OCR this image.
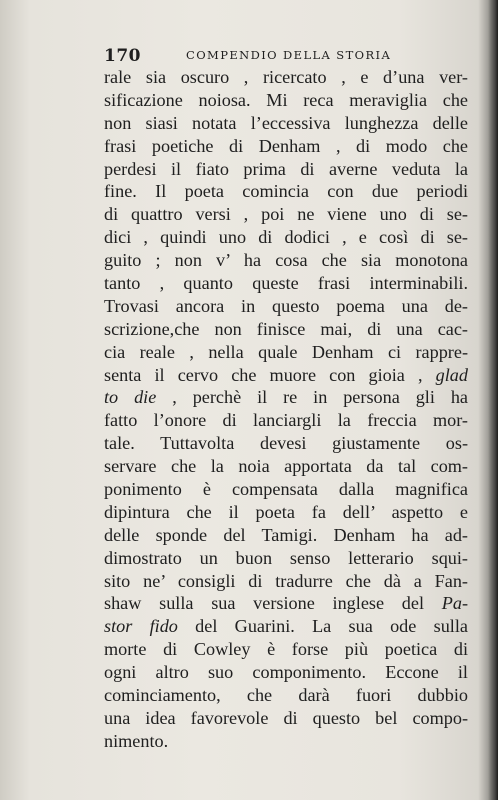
170	COMPENDIO DELLA STORIA
rale sia oscuro , ricercato , e d’una ver-
sificazione noiosa. Mi reca meraviglia che
non siasi notata l’eccessiva lunghezza delle
frasi poetiche di Denham , di modo che
perdesi il fiato prima di averne veduta la
fine. Il poeta comincia con due periodi
di quattro versi , poi ne viene uno di se-
dici , quindi uno di dodici , e così di se-
guito ; non v’ ha cosa che sia monotona
tanto , quanto queste frasi interminabili.
Trovasi ancora in questo poema una de-
scrizione,che non finisce mai, di una cac-
cia reale , nella quale Denham ci rappre-
senta il cervo che muore con gioia , glad
to die , perchè il re in persona gli ha
fatto l’onore di lanciargli la freccia mor-
tale. Tuttavolta devesi giustamente os-
servare che la noia apportata da tal com-
ponimento è compensata dalla magnifica
dipintura che il poeta fa dell’ aspetto e
delle sponde del Tamigi. Denham ha ad-
dimostrato un buon senso letterario squi-
sito ne’ consigli di tradurre che dà a Fan-
shaw sulla sua versione inglese del Pa-
stor fido del Guarini. La sua ode sulla
morte di Cowley è forse più poetica di
ogni altro suo componimento. Eccone il
cominciamento, che darà fuori dubbio
una idea favorevole di questo bel compo-
nimento.
